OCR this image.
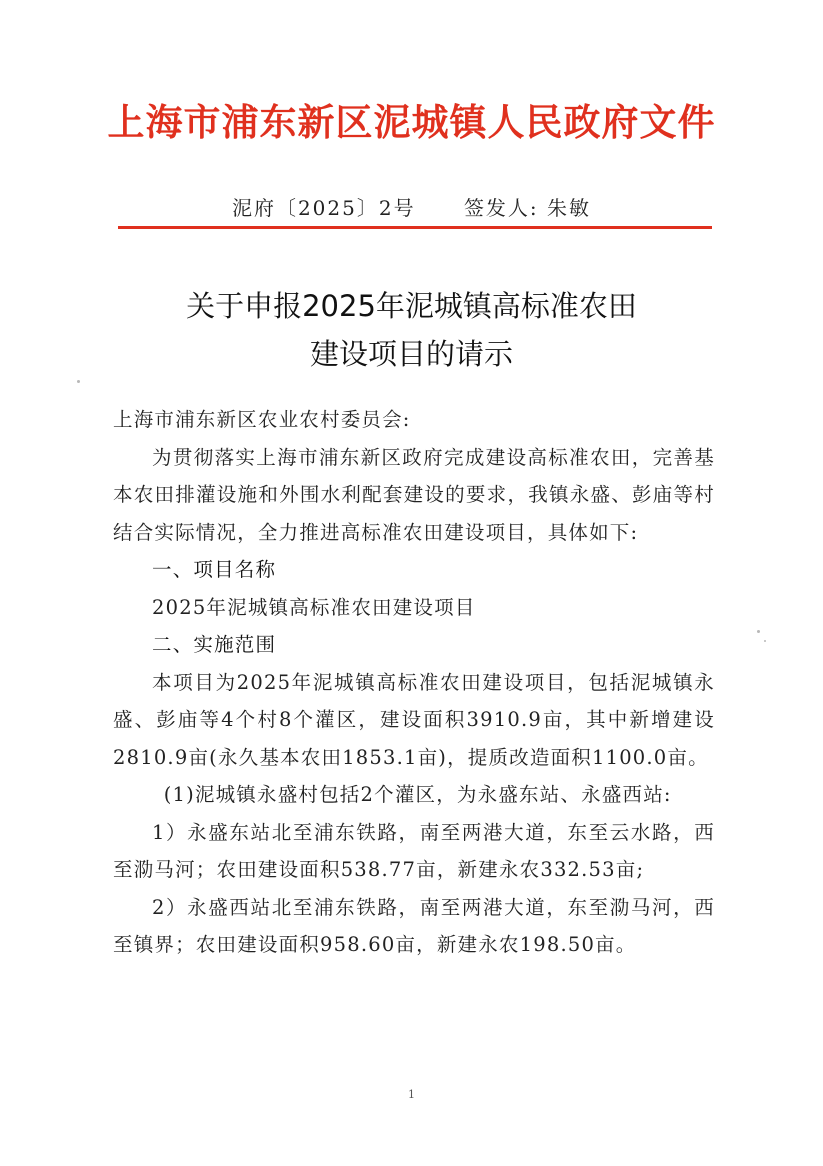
上海市浦东新区泥城镇人民政府文件
泥府〔2025〕2号 签发人: 朱敏
关于申报2025年泥城镇高标准农田
建设项目的请示

上海市浦东新区农业农村委员会:

为贯彻落实上海市浦东新区政府完成建设高标准农田，完善基本农田排灌设施和外围水利配套建设的要求，我镇永盛、彭庙等村结合实际情况，全力推进高标准农田建设项目，具体如下:

一、项目名称

2025年泥城镇高标准农田建设项目

二、实施范围

本项目为2025年泥城镇高标准农田建设项目，包括泥城镇永盛、彭庙等4个村8个灌区，建设面积3910.9亩，其中新增建设2810.9亩(永久基本农田1853.1亩)，提质改造面积1100.0亩。

(1)泥城镇永盛村包括2个灌区，为永盛东站、永盛西站:

1）永盛东站北至浦东铁路，南至两港大道，东至云水路，西至泐马河；农田建设面积538.77亩，新建永农332.53亩;

2）永盛西站北至浦东铁路，南至两港大道，东至泐马河，西至镇界；农田建设面积958.60亩，新建永农198.50亩。

1
